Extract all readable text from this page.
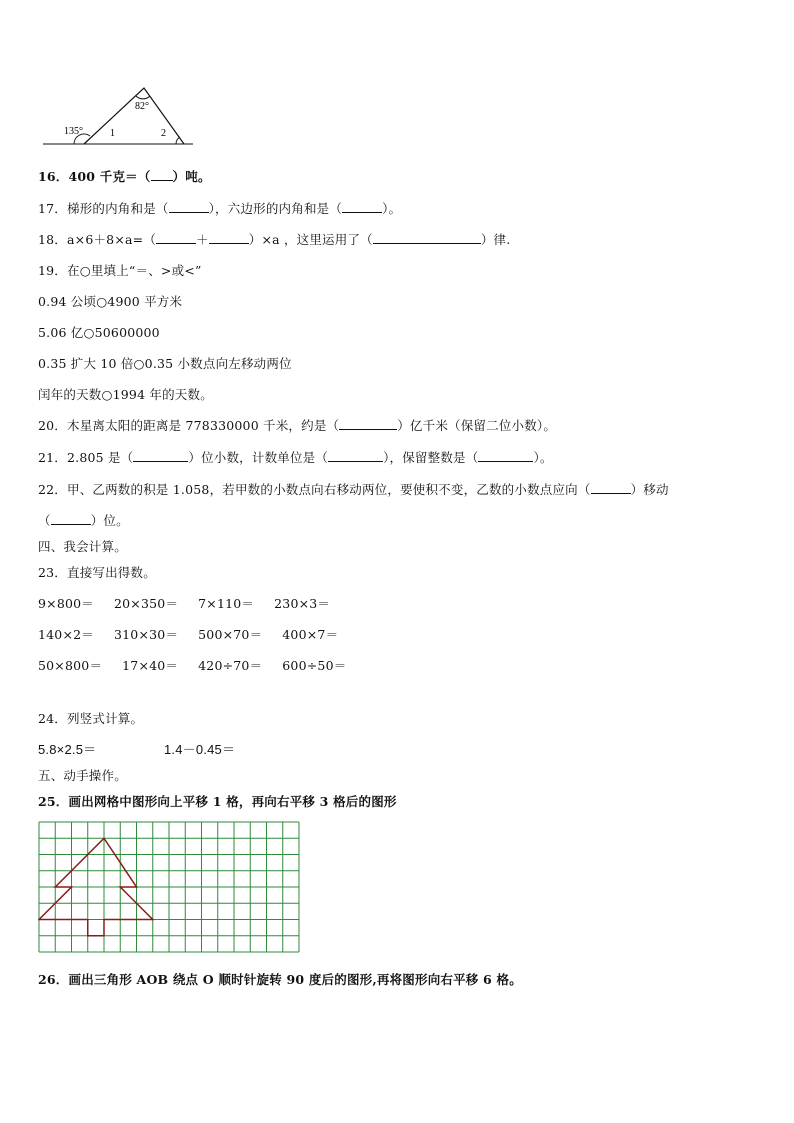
135°
82°
1	2
16．400 千克＝（ ）吨。
17．梯形的内角和是（	），六边形的内角和是（	）。
18．a×6＋8×a=（	＋	）×a ，这里运用了（	）律.
19．在○里填上“＝、>或<”
0.94 公顷○4900 平方米
5.06 亿○50600000
0.35 扩大 10 倍○0.35 小数点向左移动两位
闰年的天数○1994 年的天数。
20．木星离太阳的距离是 778330000 千米，约是（	）亿千米（保留二位小数）。
21．2.805 是（	）位小数，计数单位是（	），保留整数是（	）。
22．甲、乙两数的积是 1.058，若甲数的小数点向右移动两位，要使积不变，乙数的小数点应向（	）移动
（	）位。
四、我会计算。
23．直接写出得数。
9×800＝ 20×350＝ 7×110＝ 230×3＝
140×2＝ 310×30＝ 500×70＝ 400×7＝
50×800＝ 17×40＝ 420÷70＝ 600÷50＝
24．列竖式计算。
5.8×2.5＝	1.4－0.45＝
五、动手操作。
25．画出网格中图形向上平移 1 格，再向右平移 3 格后的图形
26．画出三角形 AOB 绕点 O 顺时针旋转 90 度后的图形,再将图形向右平移 6 格。
